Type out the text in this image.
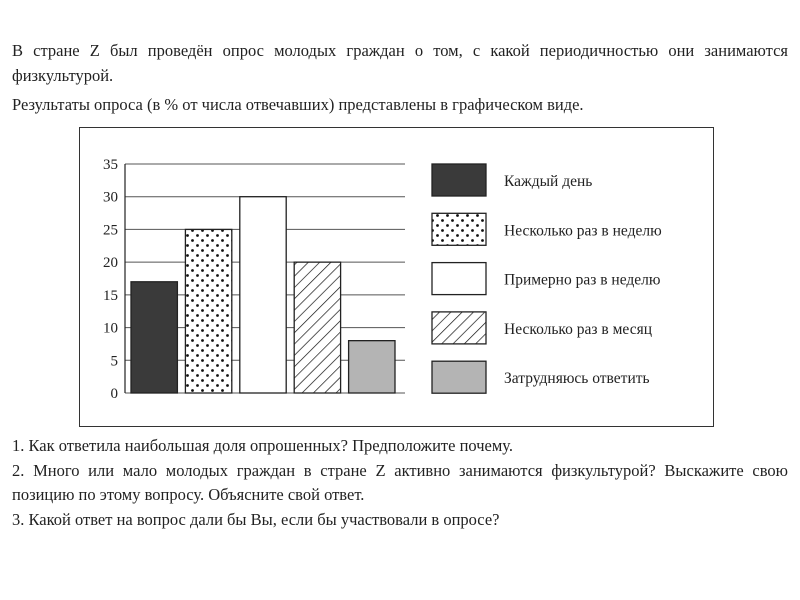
В стране Z был проведён опрос молодых граждан о том, с какой периодичностью они занимаются физкультурой.

Результаты опроса (в % от числа отвечавших) представлены в графическом виде.

0
5
10
15
20
25
30
35
Каждый день
Несколько раз в неделю
Примерно раз в неделю
Несколько раз в месяц
Затрудняюсь ответить

1. Как ответила наибольшая доля опрошенных? Предположите почему.

2. Много или мало молодых граждан в стране Z активно занимаются физкультурой? Выскажите свою позицию по этому вопросу. Объясните свой ответ.

3. Какой ответ на вопрос дали бы Вы, если бы участвовали в опросе?
